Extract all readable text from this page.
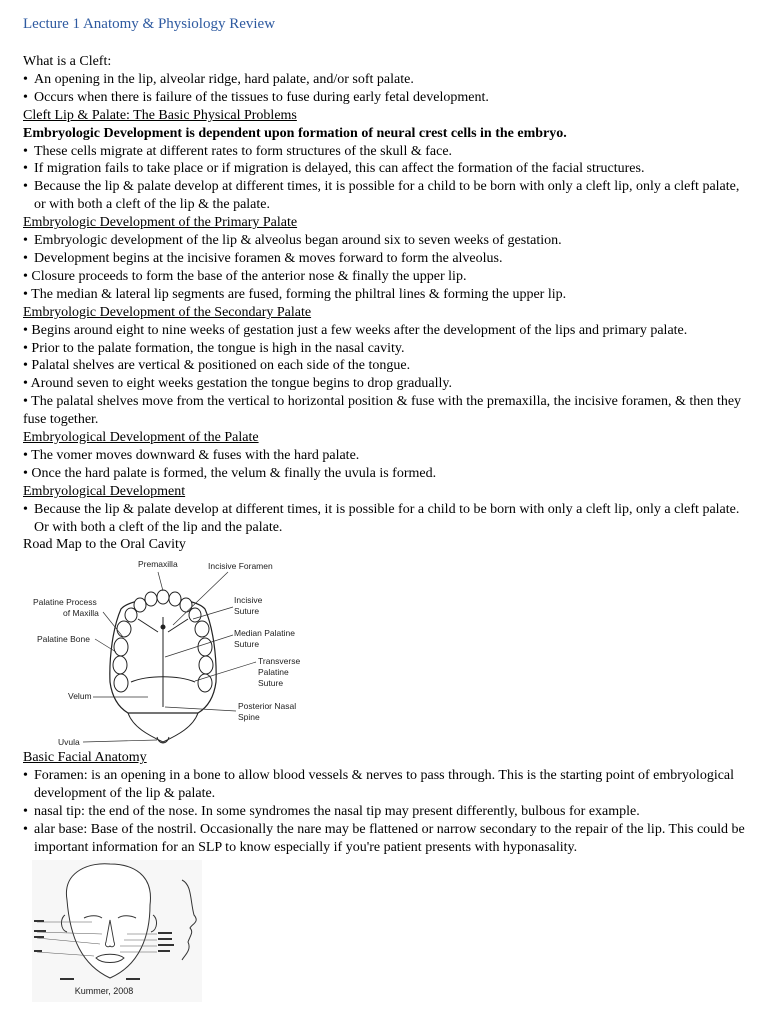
Lecture 1 Anatomy & Physiology Review

What is a Cleft:

• An opening in the lip, alveolar ridge, hard palate, and/or soft palate.

• Occurs when there is failure of the tissues to fuse during early fetal development.

Cleft Lip & Palate: The Basic Physical Problems

Embryologic Development is dependent upon formation of neural crest cells in the embryo.

• These cells migrate at different rates to form structures of the skull & face.

• If migration fails to take place or if migration is delayed, this can affect the formation of the facial structures.

• Because the lip & palate develop at different times, it is possible for a child to be born with only a cleft lip, only a cleft palate, or with both a cleft of the lip & the palate.

Embryologic Development of the Primary Palate

• Embryologic development of the lip & alveolus began around six to seven weeks of gestation.

• Development begins at the incisive foramen & moves forward to form the alveolus.

• Closure proceeds to form the base of the anterior nose & finally the upper lip.

• The median & lateral lip segments are fused, forming the philtral lines & forming the upper lip.

Embryologic Development of the Secondary Palate

• Begins around eight to nine weeks of gestation just a few weeks after the development of the lips and primary palate.

• Prior to the palate formation, the tongue is high in the nasal cavity.

• Palatal shelves are vertical & positioned on each side of the tongue.

• Around seven to eight weeks gestation the tongue begins to drop gradually.

• The palatal shelves move from the vertical to horizontal position & fuse with the premaxilla, the incisive foramen, & then they fuse together.

Embryological Development of the Palate

• The vomer moves downward & fuses with the hard palate.

• Once the hard palate is formed, the velum & finally the uvula is formed.

Embryological Development

• Because the lip & palate develop at different times, it is possible for a child to be born with only a cleft lip, only a cleft palate. Or with both a cleft of the lip and the palate.

Road Map to the Oral Cavity

Premaxilla	Incisive Foramen
Palatine Process
of Maxilla
Palatine Bone
Incisive
Suture
Median Palatine
Suture
Transverse
Palatine
Suture
Velum
Posterior Nasal
Spine
Uvula

Basic Facial Anatomy

• Foramen: is an opening in a bone to allow blood vessels & nerves to pass through. This is the starting point of embryological development of the lip & palate.

• nasal tip: the end of the nose. In some syndromes the nasal tip may present differently, bulbous for example.

• alar base: Base of the nostril. Occasionally the nare may be flattened or narrow secondary to the repair of the lip. This could be important information for an SLP to know especially if you're patient presents with hyponasality.

Kummer, 2008
